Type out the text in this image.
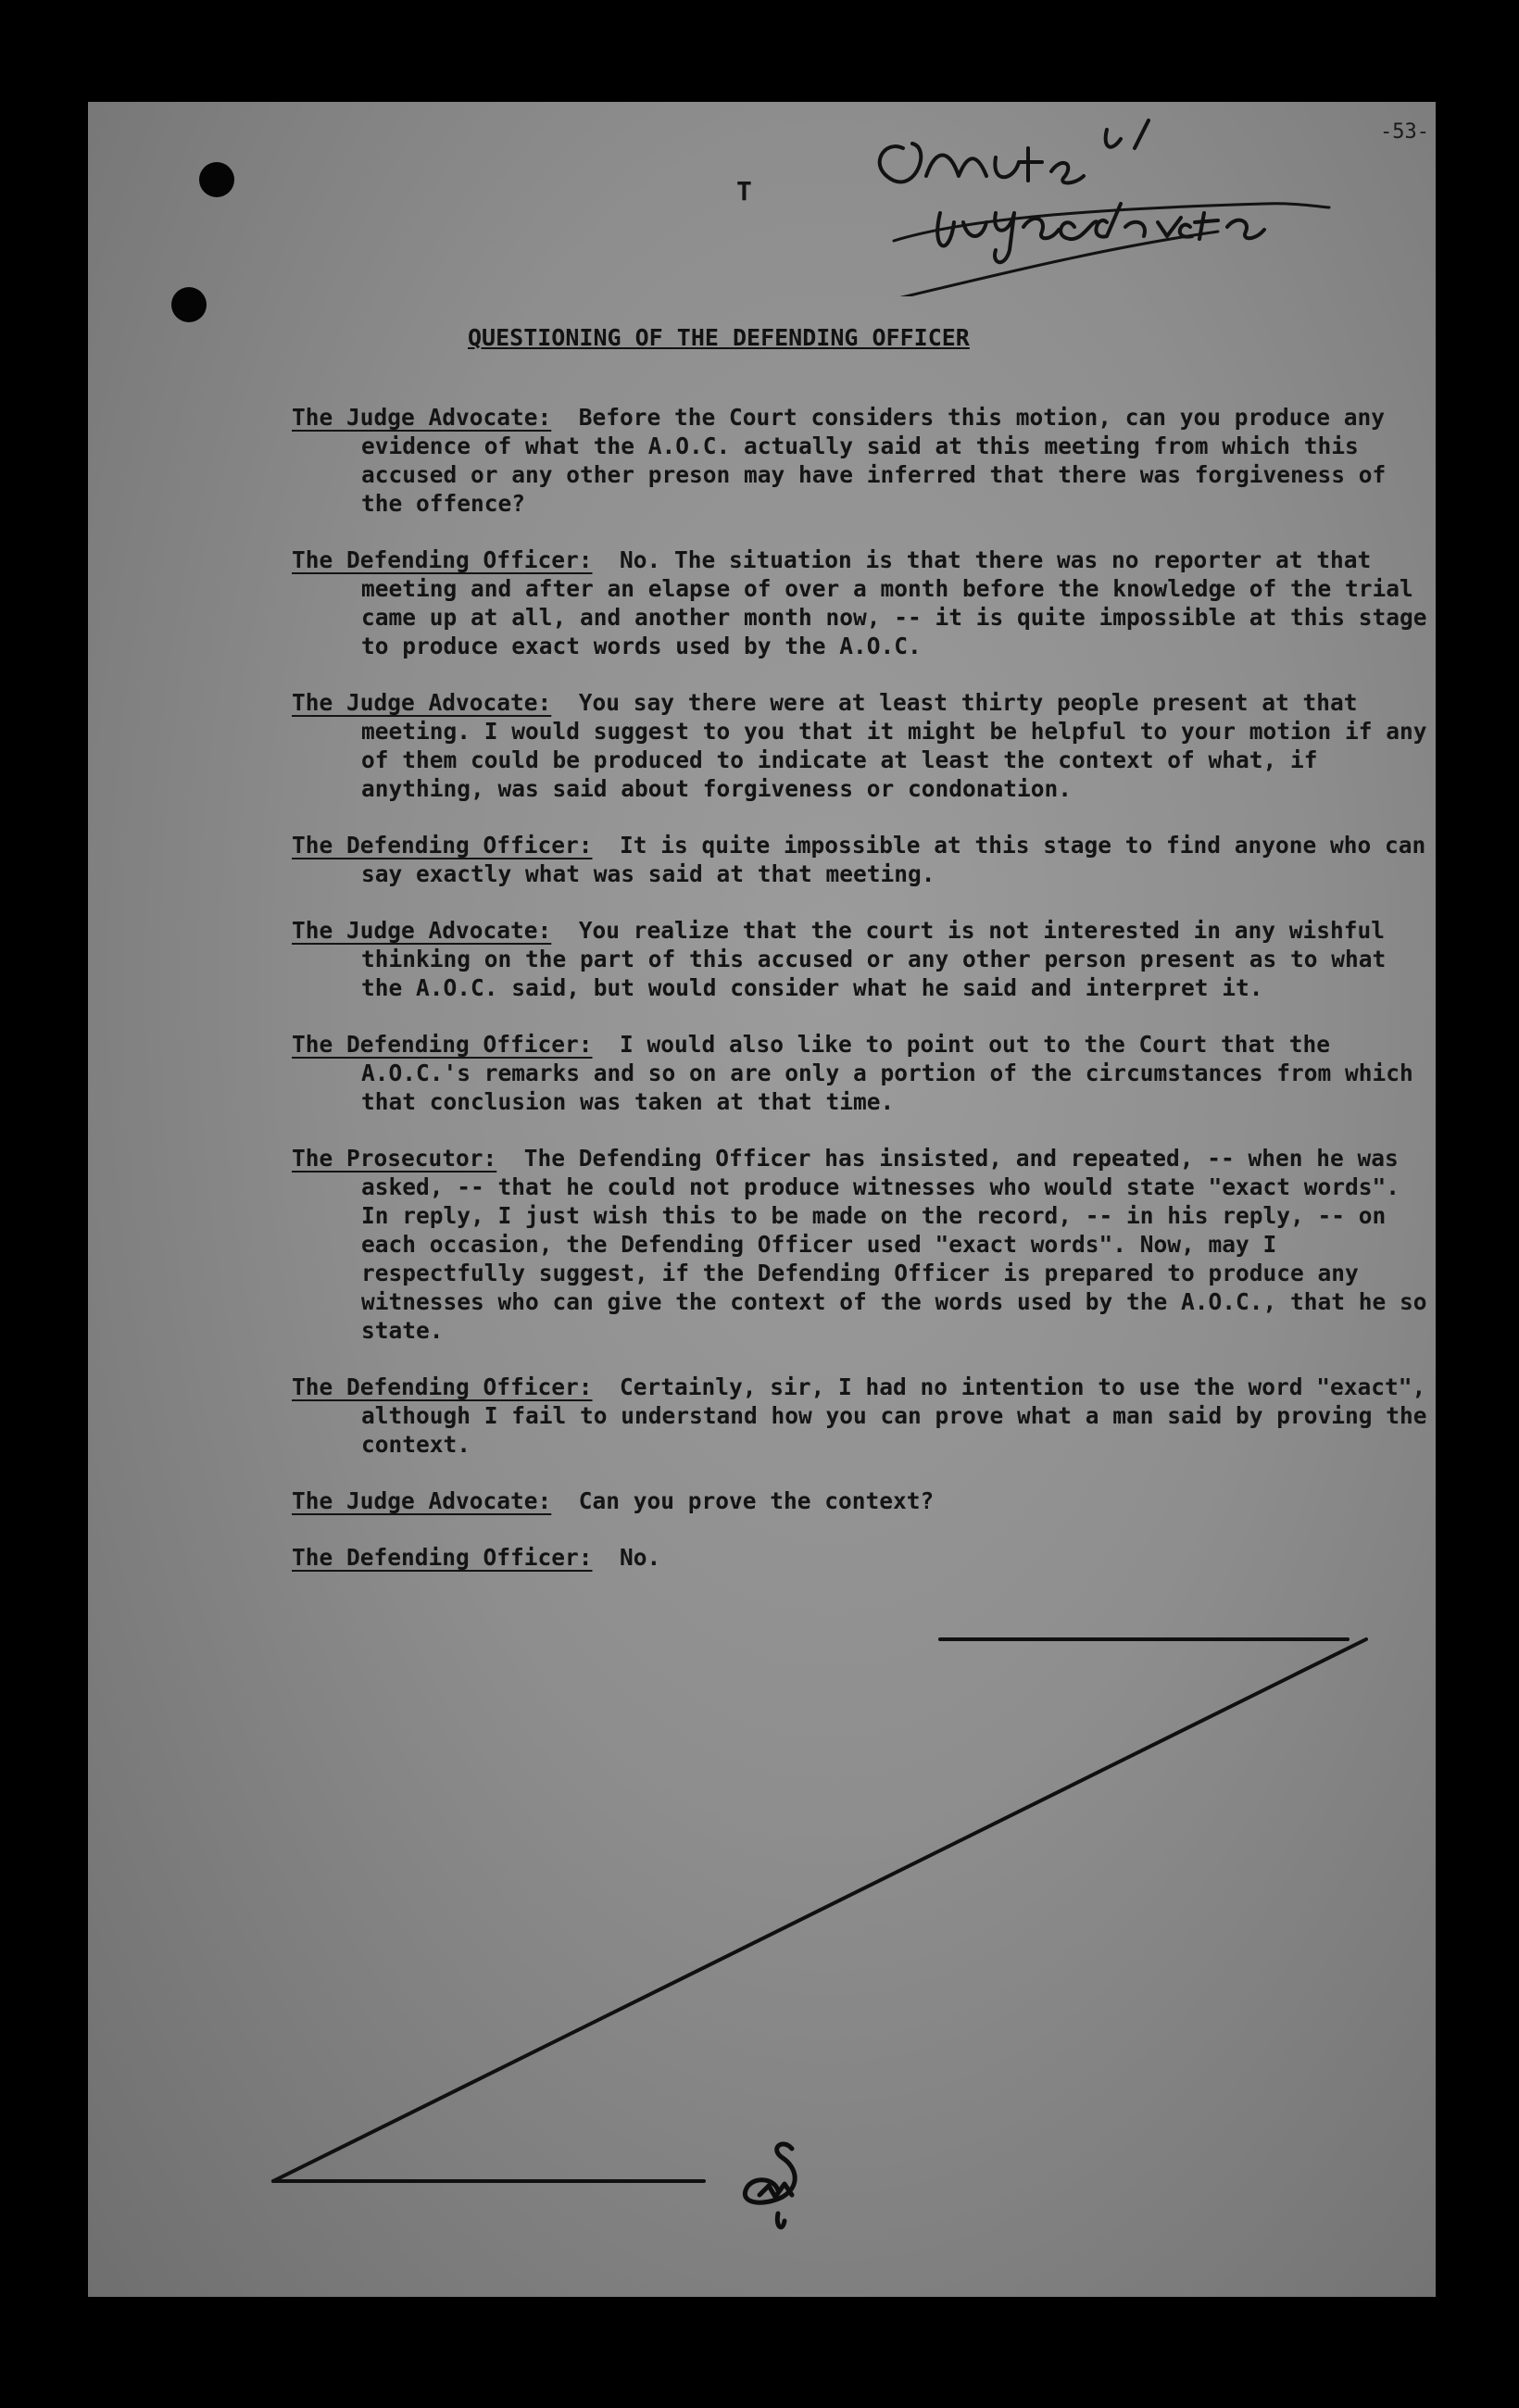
-53-
T
QUESTIONING OF THE DEFENDING OFFICER

The Judge Advocate: Before the Court considers this motion, can you produce any evidence of what the A.O.C. actually said at this meeting from which this accused or any other preson may have inferred that there was forgiveness of the offence?

The Defending Officer: No. The situation is that there was no reporter at that meeting and after an elapse of over a month before the knowledge of the trial came up at all, and another month now, -- it is quite impossible at this stage to produce exact words used by the A.O.C.

The Judge Advocate: You say there were at least thirty people present at that meeting. I would suggest to you that it might be helpful to your motion if any of them could be produced to indicate at least the context of what, if anything, was said about forgiveness or condonation.

The Defending Officer: It is quite impossible at this stage to find anyone who can say exactly what was said at that meeting.

The Judge Advocate: You realize that the court is not interested in any wishful thinking on the part of this accused or any other person present as to what the A.O.C. said, but would consider what he said and interpret it.

The Defending Officer: I would also like to point out to the Court that the A.O.C.'s remarks and so on are only a portion of the circumstances from which that conclusion was taken at that time.

The Prosecutor: The Defending Officer has insisted, and repeated, -- when he was asked, -- that he could not produce witnesses who would state "exact words". In reply, I just wish this to be made on the record, -- in his reply, -- on each occasion, the Defending Officer used "exact words". Now, may I respectfully suggest, if the Defending Officer is prepared to produce any witnesses who can give the context of the words used by the A.O.C., that he so state.

The Defending Officer: Certainly, sir, I had no intention to use the word "exact", although I fail to understand how you can prove what a man said by proving the context.

The Judge Advocate: Can you prove the context?

The Defending Officer: No.
